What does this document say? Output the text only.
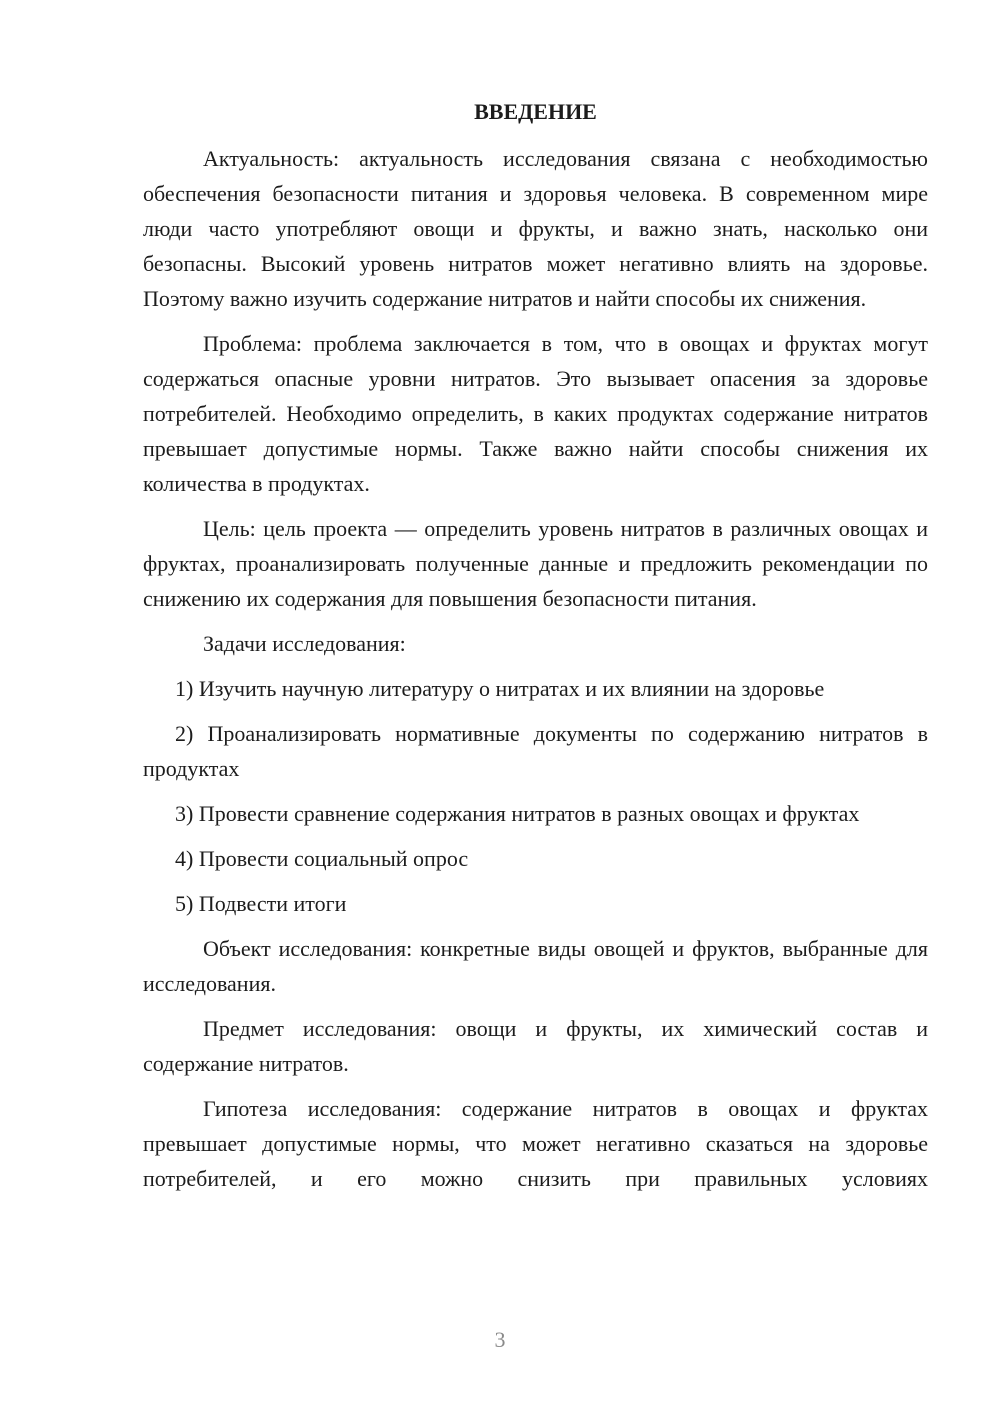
ВВЕДЕНИЕ

Актуальность: актуальность исследования связана с необходимостью обеспечения безопасности питания и здоровья человека. В современном мире люди часто употребляют овощи и фрукты, и важно знать, насколько они безопасны. Высокий уровень нитратов может негативно влиять на здоровье. Поэтому важно изучить содержание нитратов и найти способы их снижения.

Проблема: проблема заключается в том, что в овощах и фруктах могут содержаться опасные уровни нитратов. Это вызывает опасения за здоровье потребителей. Необходимо определить, в каких продуктах содержание нитратов превышает допустимые нормы. Также важно найти способы снижения их количества в продуктах.

Цель: цель проекта — определить уровень нитратов в различных овощах и фруктах, проанализировать полученные данные и предложить рекомендации по снижению их содержания для повышения безопасности питания.

Задачи исследования:

1) Изучить научную литературу о нитратах и их влиянии на здоровье

2) Проанализировать нормативные документы по содержанию нитратов в продуктах

3) Провести сравнение содержания нитратов в разных овощах и фруктах

4) Провести социальный опрос

5) Подвести итоги

Объект исследования: конкретные виды овощей и фруктов, выбранные для исследования.

Предмет исследования: овощи и фрукты, их химический состав и содержание нитратов.

Гипотеза исследования: содержание нитратов в овощах и фруктах превышает допустимые нормы, что может негативно сказаться на здоровье потребителей, и его можно снизить при правильных условиях

3
